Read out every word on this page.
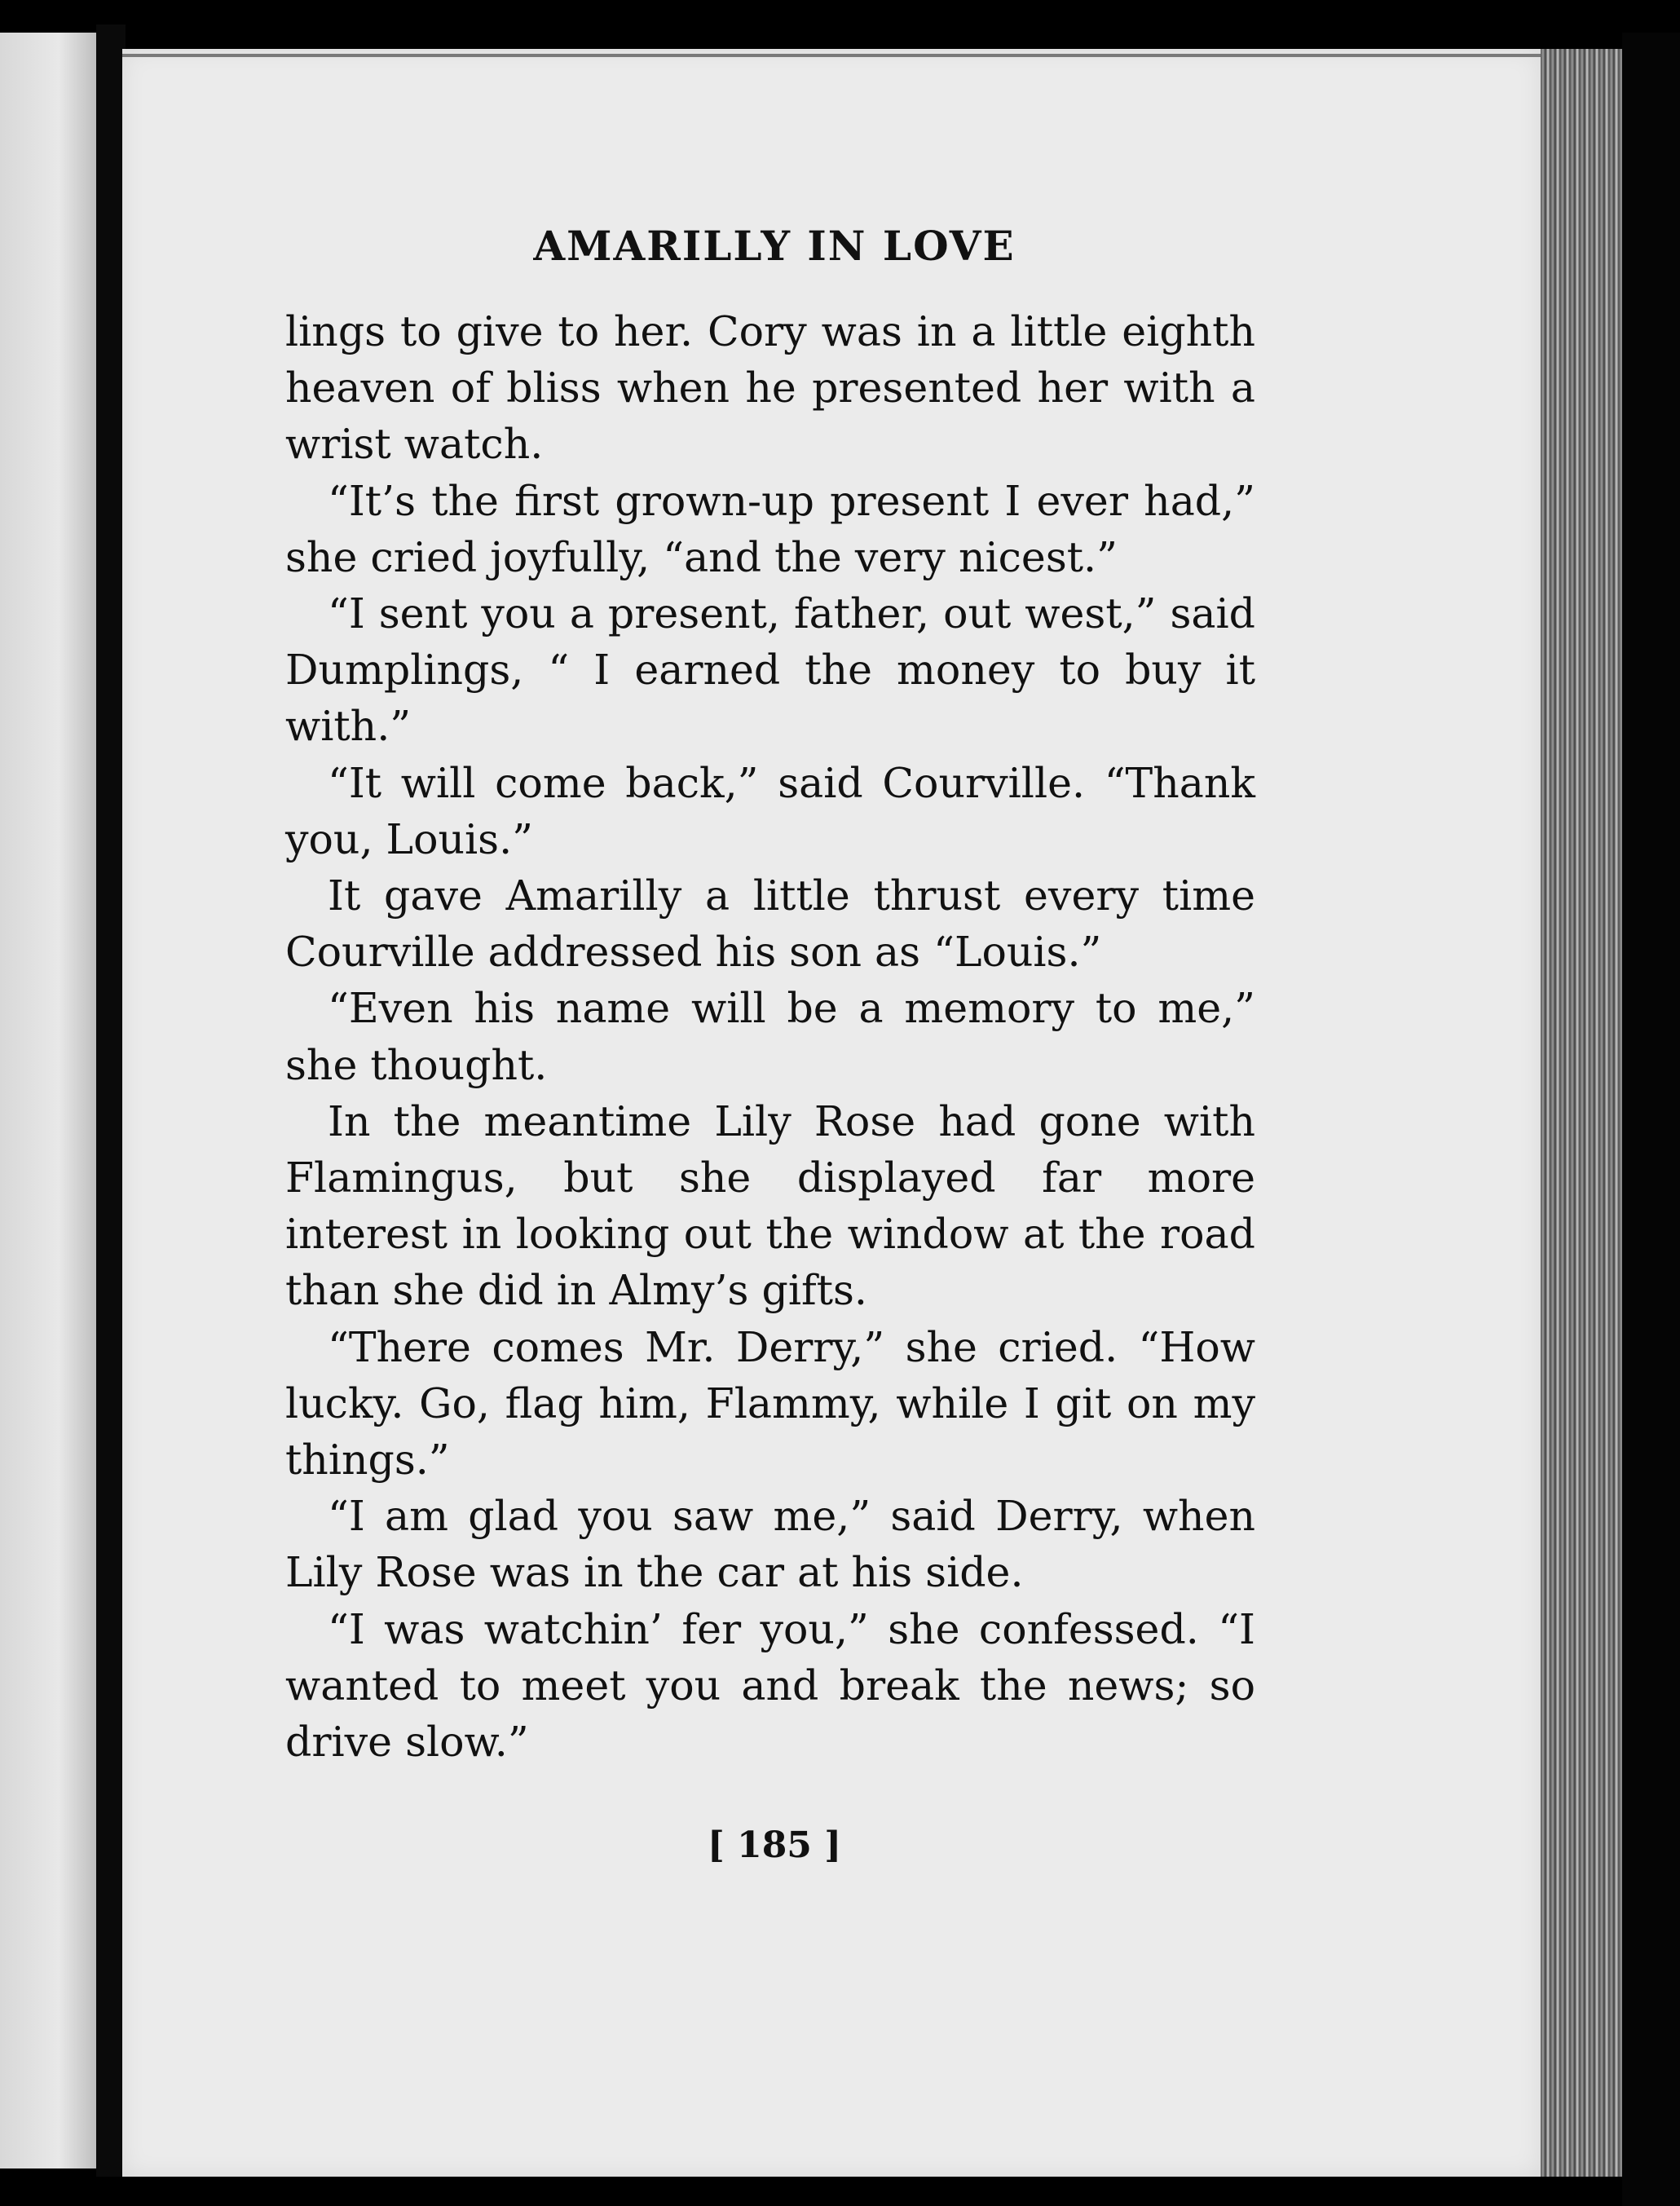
AMARILLY IN LOVE

lings to give to her. Cory was in a little eighth heaven of bliss when he presented her with a wrist watch.

“It’s the first grown-up present I ever had,” she cried joyfully, “and the very nicest.”

“I sent you a present, father, out west,” said Dumplings, “ I earned the money to buy it with.”

“It will come back,” said Courville. “Thank you, Louis.”

It gave Amarilly a little thrust every time Courville addressed his son as “Louis.”

“Even his name will be a memory to me,” she thought.

In the meantime Lily Rose had gone with Flamingus, but she displayed far more interest in looking out the window at the road than she did in Almy’s gifts.

“There comes Mr. Derry,” she cried. “How lucky. Go, flag him, Flammy, while I git on my things.”

“I am glad you saw me,” said Derry, when Lily Rose was in the car at his side.

“I was watchin’ fer you,” she confessed. “I wanted to meet you and break the news; so drive slow.”

[ 185 ]
